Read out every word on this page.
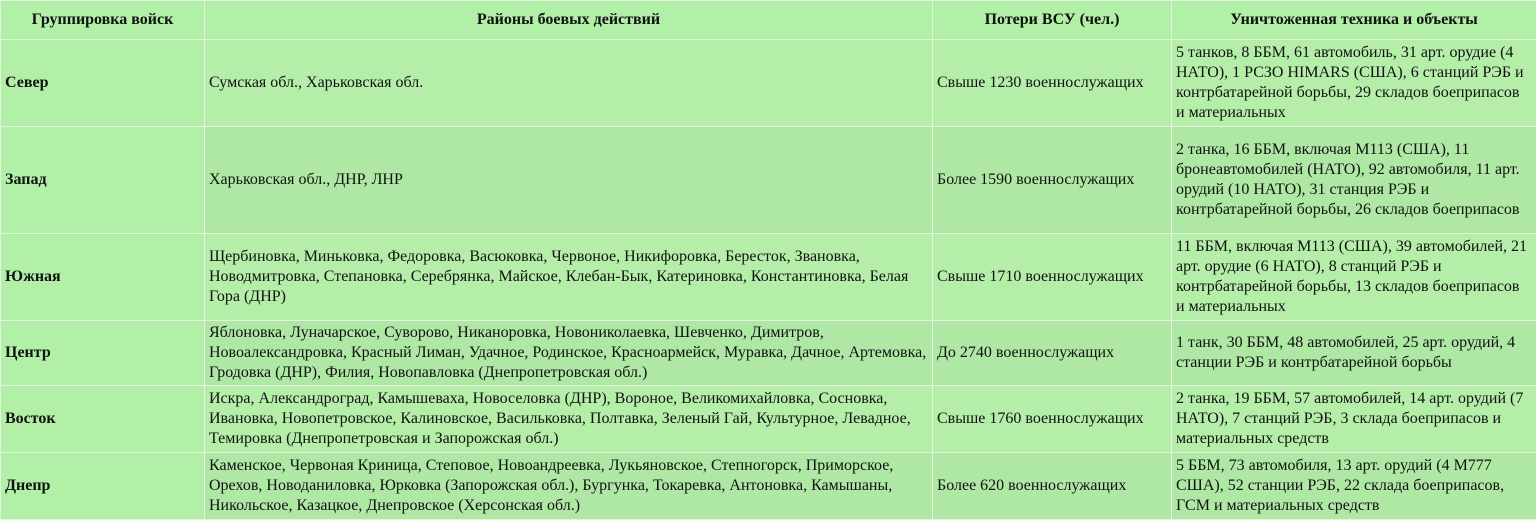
Группировка войск	Районы боевых действий	Потери ВСУ (чел.)	Уничтоженная техника и объекты
Север	Сумская обл., Харьковская обл.	Свыше 1230 военнослужащих	5 танков, 8 ББМ, 61 автомобиль, 31 арт. орудие (4 НАТО), 1 РСЗО HIMARS (США), 6 станций РЭБ и контрбатарейной борьбы, 29 складов боеприпасов и материальных

Запад	Харьковская обл., ДНР, ЛНР	Более 1590 военнослужащих	2 танка, 16 ББМ, включая M113 (США), 11 бронеавтомобилей (НАТО), 92 автомобиля, 11 арт. орудий (10 НАТО), 31 станция РЭБ и контрбатарейной борьбы, 26 складов боеприпасов

Южная	Щербиновка, Миньковка, Федоровка, Васюковка, Червоное, Никифоровка, Бересток, Звановка, Новодмитровка, Степановка, Серебрянка, Майское, Клебан-Бык, Катериновка, Константиновка, Белая Гора (ДНР)	Свыше 1710 военнослужащих	11 ББМ, включая M113 (США), 39 автомобилей, 21 арт. орудие (6 НАТО), 8 станций РЭБ и контрбатарейной борьбы, 13 складов боеприпасов и материальных

Центр	Яблоновка, Луначарское, Суворово, Никаноровка, Новониколаевка, Шевченко, Димитров, Новоалександровка, Красный Лиман, Удачное, Родинское, Красноармейск, Муравка, Дачное, Артемовка, Гродовка (ДНР), Филия, Новопавловка (Днепропетровская обл.)	До 2740 военнослужащих	1 танк, 30 ББМ, 48 автомобилей, 25 арт. орудий, 4 станции РЭБ и контрбатарейной борьбы

Восток	Искра, Александроград, Камышеваха, Новоселовка (ДНР), Вороное, Великомихайловка, Сосновка, Ивановка, Новопетровское, Калиновское, Васильковка, Полтавка, Зеленый Гай, Культурное, Левадное, Темировка (Днепропетровская и Запорожская обл.)	Свыше 1760 военнослужащих	2 танка, 19 ББМ, 57 автомобилей, 14 арт. орудий (7 НАТО), 7 станций РЭБ, 3 склада боеприпасов и материальных средств

Днепр	Каменское, Червоная Криница, Степовое, Новоандреевка, Лукьяновское, Степногорск, Приморское, Орехов, Новоданиловка, Юрковка (Запорожская обл.), Бургунка, Токаревка, Антоновка, Камышаны, Никольское, Казацкое, Днепровское (Херсонская обл.)	Более 620 военнослужащих	5 ББМ, 73 автомобиля, 13 арт. орудий (4 M777 США), 52 станции РЭБ, 22 склада боеприпасов, ГСМ и материальных средств
